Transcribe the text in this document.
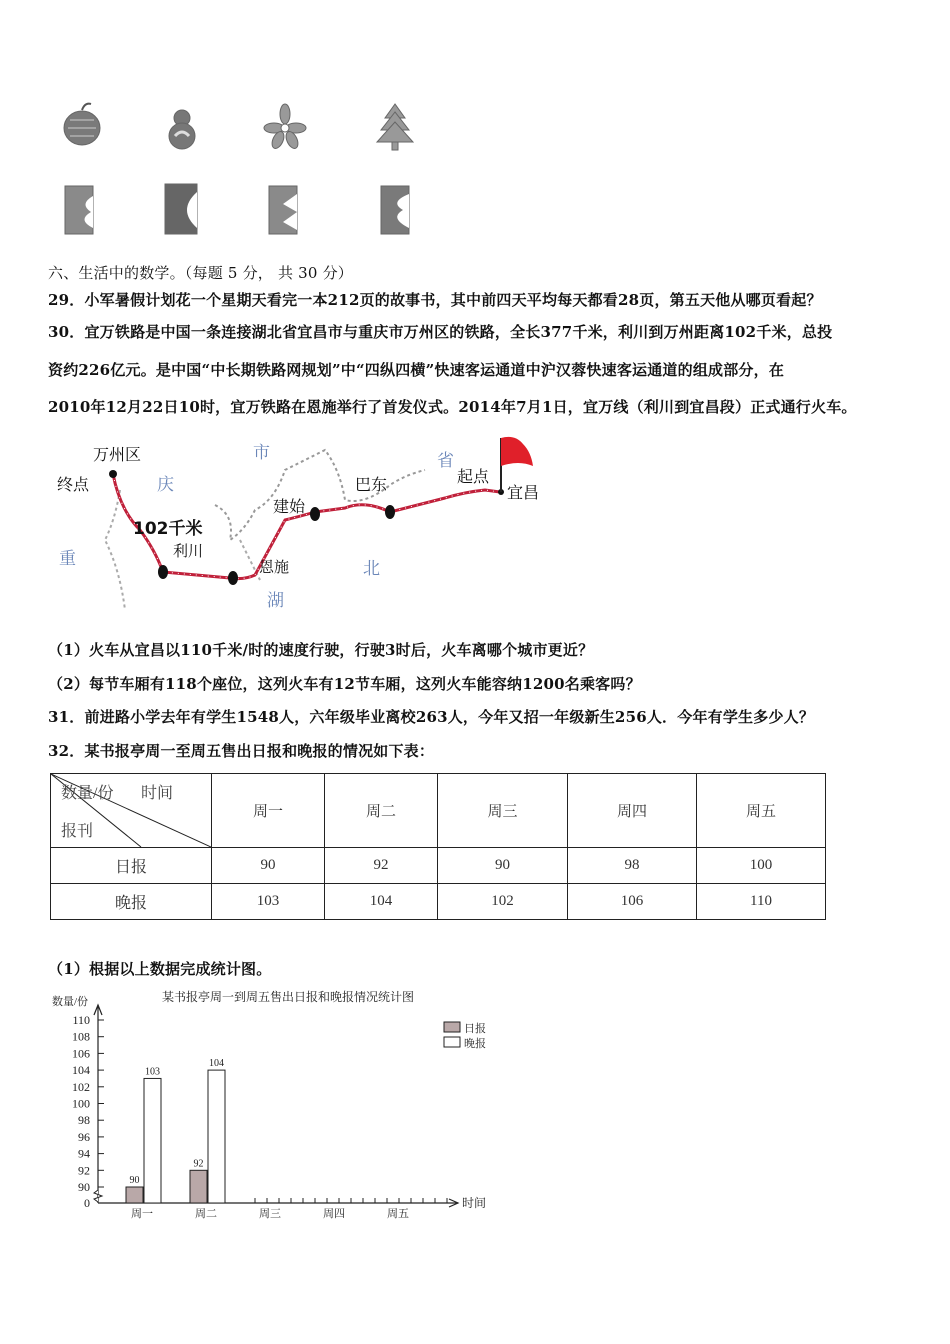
六、生活中的数学。（每题 5 分， 共 30 分）
29．小军暑假计划花一个星期天看完一本212页的故事书，其中前四天平均每天都看28页，第五天他从哪页看起？
30．宜万铁路是中国一条连接湖北省宜昌市与重庆市万州区的铁路，全长377千米，利川到万州距离102千米，总投
资约226亿元。是中国“中长期铁路网规划”中“四纵四横”快速客运通道中沪汉蓉快速客运通道的组成部分，在
2010年12月22日10时，宜万铁路在恩施举行了首发仪式。2014年7月1日，宜万线（利川到宜昌段）正式通行火车。
万州区
终点	庆
市
重
102千米
利川
恩施
湖
建始
巴东
北
省
起点
宜昌
（1）火车从宜昌以110千米/时的速度行驶，行驶3时后，火车离哪个城市更近？
（2）每节车厢有118个座位，这列火车有12节车厢，这列火车能容纳1200名乘客吗？
31．前进路小学去年有学生1548人，六年级毕业离校263人，今年又招一年级新生256人．今年有学生多少人？
32．某书报亭周一至周五售出日报和晚报的情况如下表：
数量/份 时间
报刊	周一	周二	周三	周四	周五
日报	90	92	90	98	100
晚报	103	104	102	106	110
（1）根据以上数据完成统计图。
某书报亭周一到周五售出日报和晚报情况统计图
数量/份
0
90
92
94
96
98
100
102
104
106
108
110
时间
周一
90
103
周二
92
104
周三	周四	周五
日报
晚报
